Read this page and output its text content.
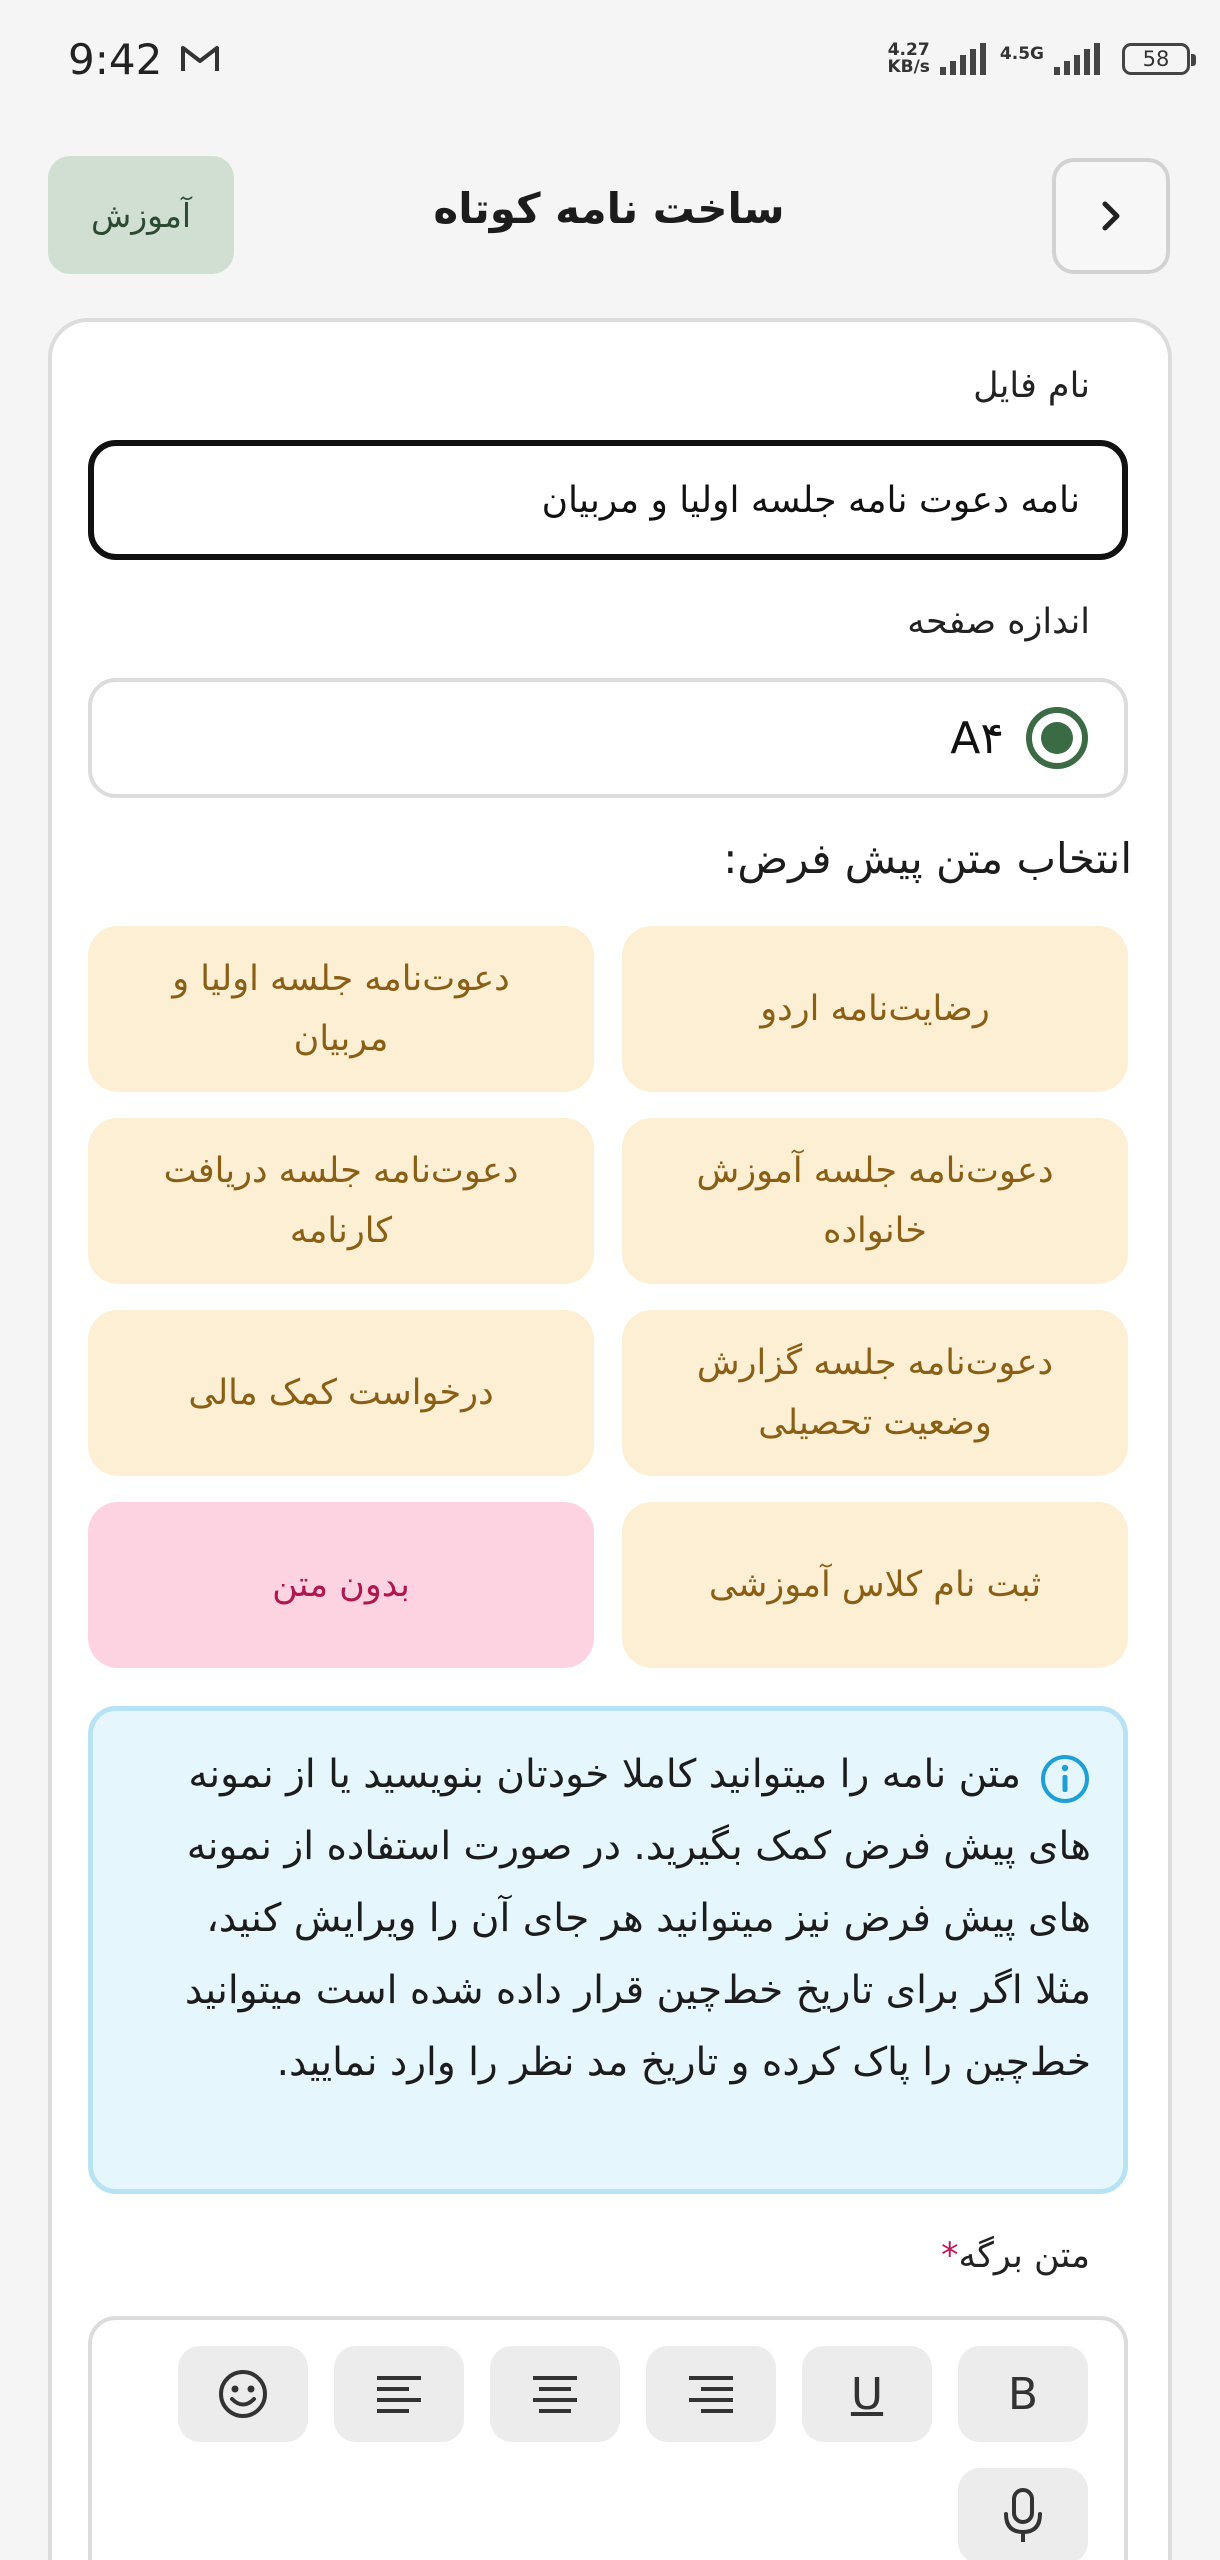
9:42	4.27
KB/s
4.5G	58
آموزش	ساخت نامه کوتاه
نام فایل
نامه دعوت نامه جلسه اولیا و مربیان
اندازه صفحه
A۴
انتخاب متن پیش فرض:
رضایت‌نامه اردو
دعوت‌نامه جلسه اولیا و مربیان
دعوت‌نامه جلسه آموزش خانواده
دعوت‌نامه جلسه دریافت کارنامه
دعوت‌نامه جلسه گزارش وضعیت تحصیلی
درخواست کمک مالی
ثبت نام کلاس آموزشی
بدون متن
متن نامه را میتوانید کاملا خودتان بنویسید یا از نمونه های پیش فرض کمک بگیرید. در صورت استفاده از نمونه های پیش فرض نیز میتوانید هر جای آن را ویرایش کنید، مثلا اگر برای تاریخ خط‌چین قرار داده شده است میتوانید خط‌چین را پاک کرده و تاریخ مد نظر را وارد نمایید.
متن برگه*
B
U
